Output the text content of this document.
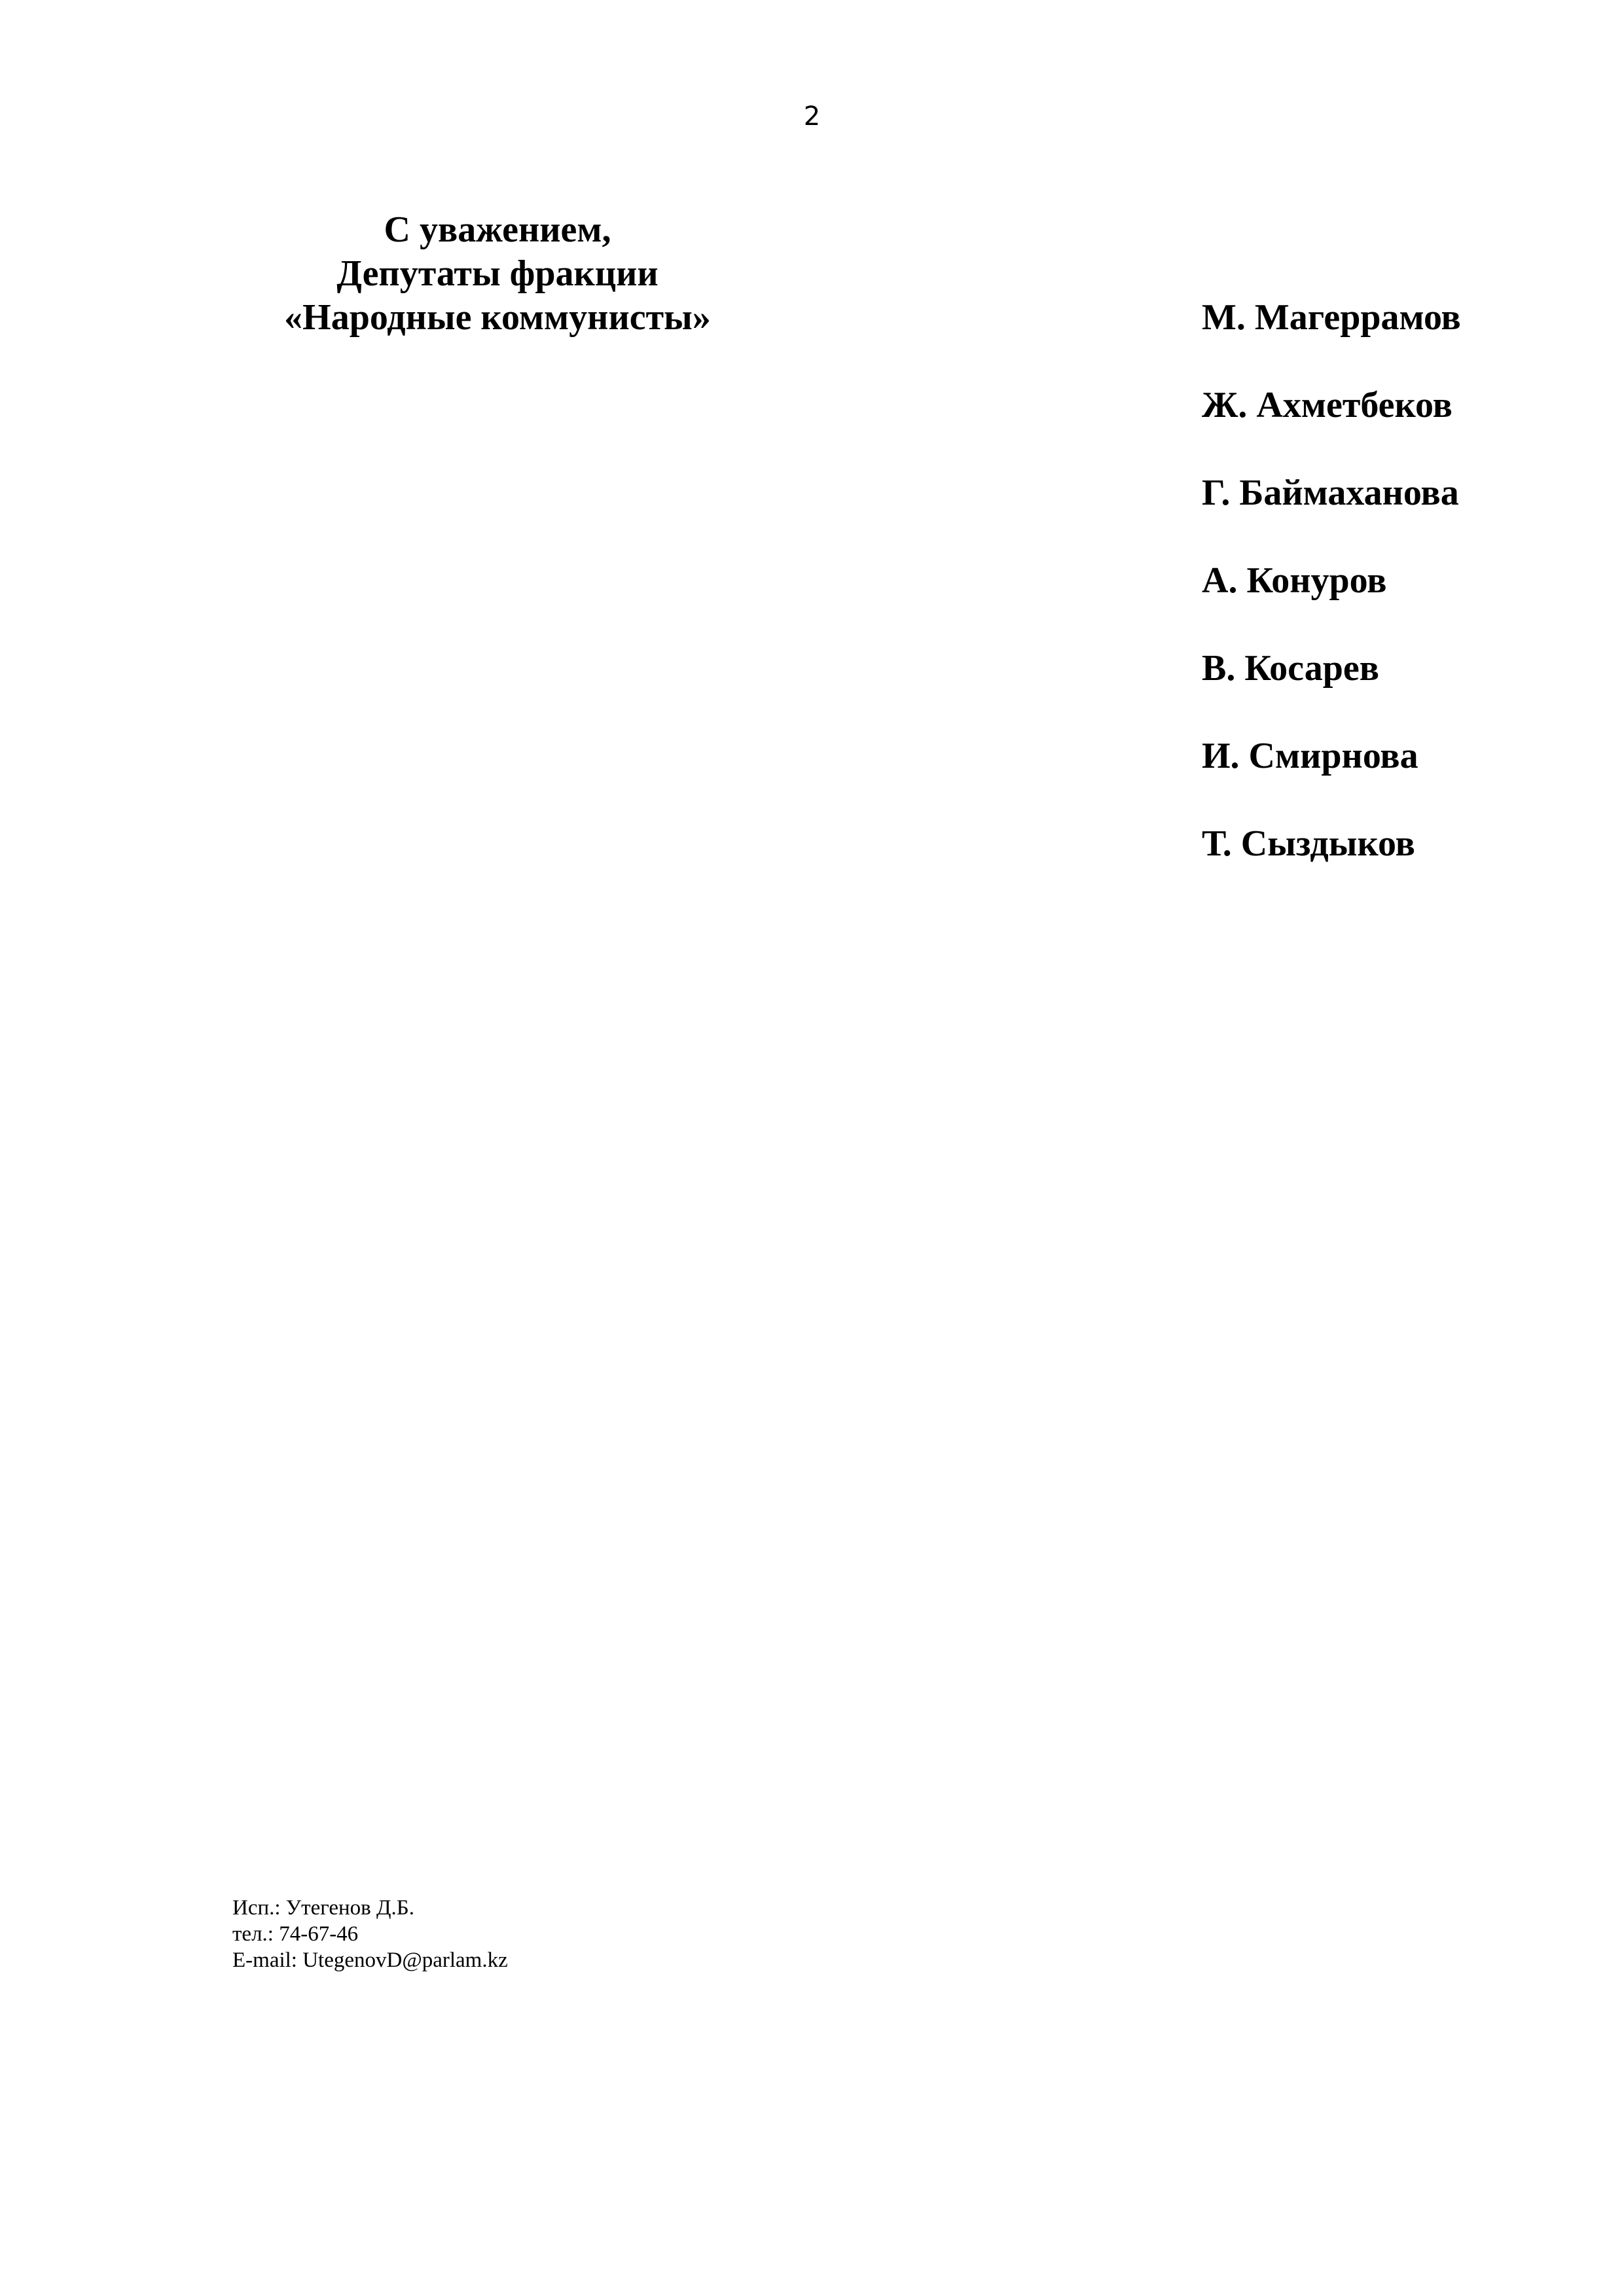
2
С уважением,
Депутаты фракции
«Народные коммунисты»	М. Магеррамов
Ж. Ахметбеков
Г. Баймаханова
А. Конуров
В. Косарев
И. Смирнова
Т. Сыздыков
Исп.: Утегенов Д.Б.
тел.: 74-67-46
E-mail: UtegenovD@parlam.kz
